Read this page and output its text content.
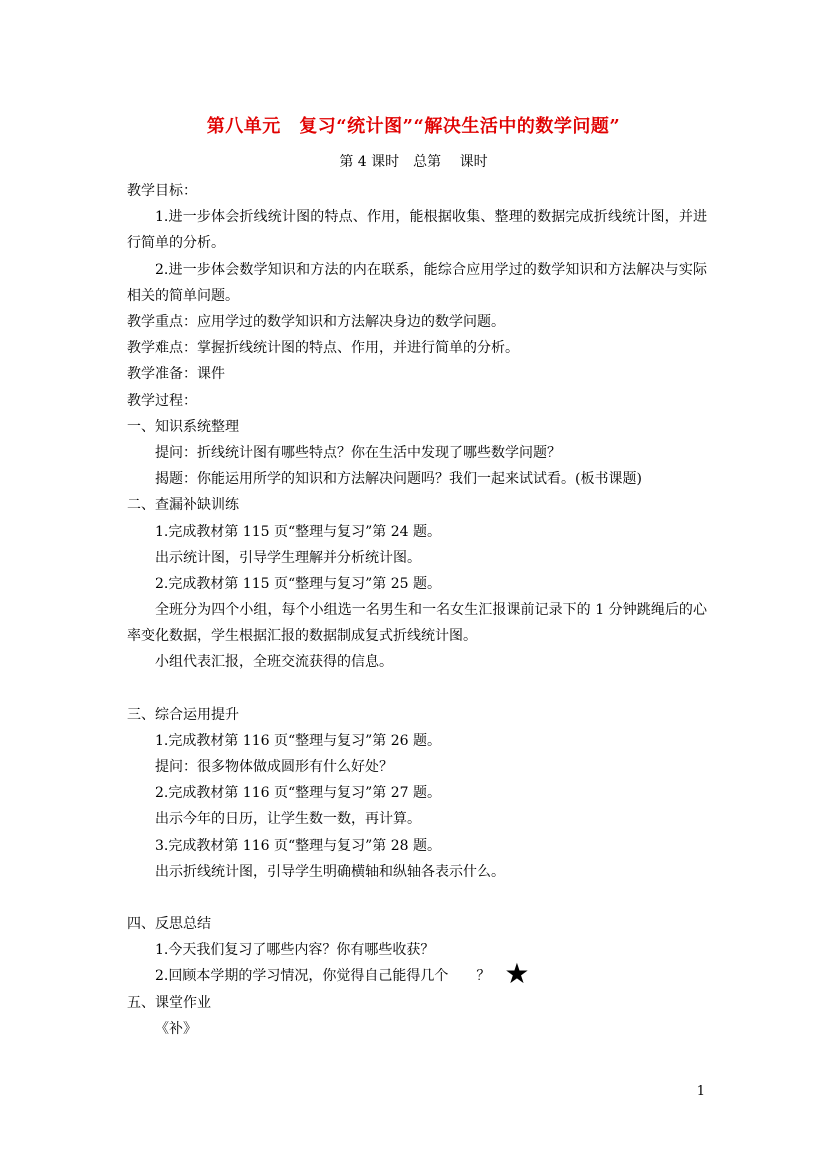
第八单元　复习“统计图”“解决生活中的数学问题”
第 4 课时　总第　 课时
教学目标：
1.进一步体会折线统计图的特点、作用，能根据收集、整理的数据完成折线统计图，并进行简单的分析。
2.进一步体会数学知识和方法的内在联系，能综合应用学过的数学知识和方法解决与实际相关的简单问题。
教学重点：应用学过的数学知识和方法解决身边的数学问题。
教学难点：掌握折线统计图的特点、作用，并进行简单的分析。
教学准备：课件
教学过程：
一、知识系统整理
提问：折线统计图有哪些特点？你在生活中发现了哪些数学问题？
揭题：你能运用所学的知识和方法解决问题吗？我们一起来试试看。(板书课题)
二、查漏补缺训练
1.完成教材第 115 页“整理与复习”第 24 题。
出示统计图，引导学生理解并分析统计图。
2.完成教材第 115 页“整理与复习”第 25 题。
全班分为四个小组，每个小组选一名男生和一名女生汇报课前记录下的 1 分钟跳绳后的心率变化数据，学生根据汇报的数据制成复式折线统计图。
小组代表汇报，全班交流获得的信息。
三、综合运用提升
1.完成教材第 116 页“整理与复习”第 26 题。
提问：很多物体做成圆形有什么好处？
2.完成教材第 116 页“整理与复习”第 27 题。
出示今年的日历，让学生数一数，再计算。
3.完成教材第 116 页“整理与复习”第 28 题。
出示折线统计图，引导学生明确横轴和纵轴各表示什么。
四、反思总结
1.今天我们复习了哪些内容？你有哪些收获？
2.回顾本学期的学习情况，你觉得自己能得几个　　？ ★
五、课堂作业
《补》
1
